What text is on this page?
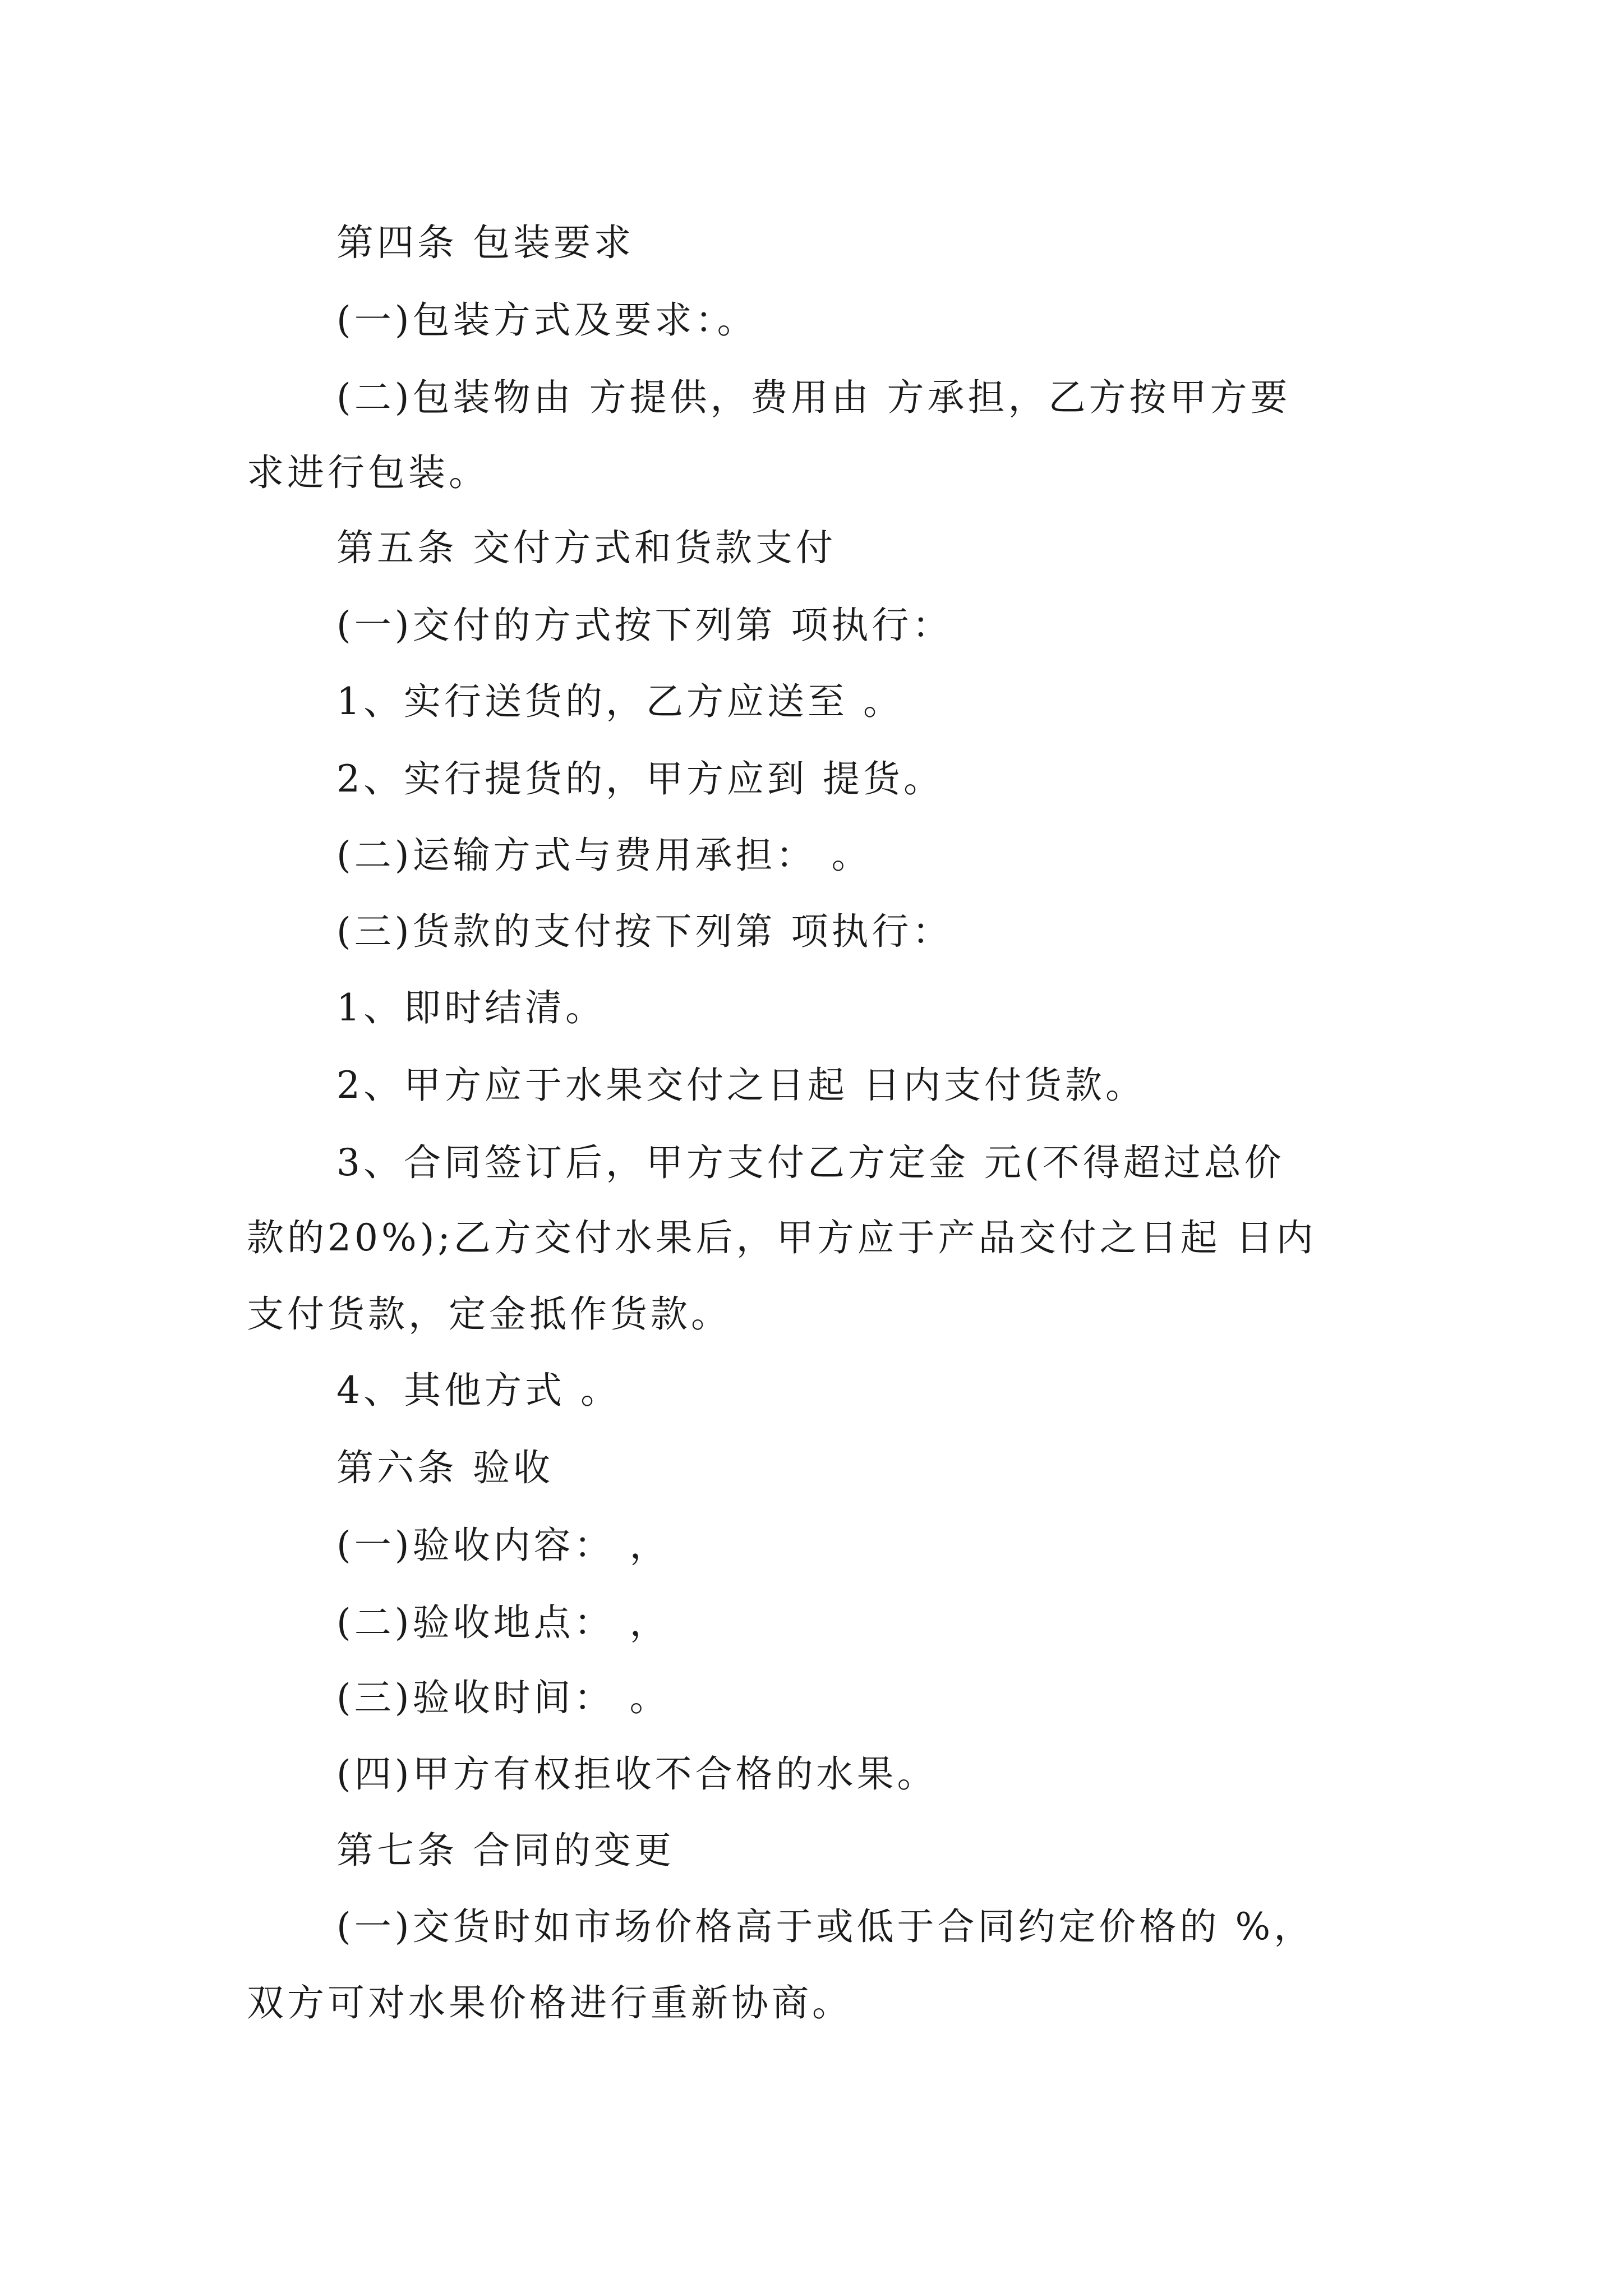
第四条 包装要求
(一)包装方式及要求：。
(二)包装物由 方提供，费用由 方承担，乙方按甲方要
求进行包装。
第五条 交付方式和货款支付
(一)交付的方式按下列第 项执行：
1、实行送货的，乙方应送至 。
2、实行提货的，甲方应到 提货。
(二)运输方式与费用承担： 。
(三)货款的支付按下列第 项执行：
1、即时结清。
2、甲方应于水果交付之日起 日内支付货款。
3、合同签订后，甲方支付乙方定金 元(不得超过总价
款的20%);乙方交付水果后，甲方应于产品交付之日起 日内
支付货款，定金抵作货款。
4、其他方式 。
第六条 验收
(一)验收内容： ，
(二)验收地点： ，
(三)验收时间： 。
(四)甲方有权拒收不合格的水果。
第七条 合同的变更
(一)交货时如市场价格高于或低于合同约定价格的 %，
双方可对水果价格进行重新协商。
